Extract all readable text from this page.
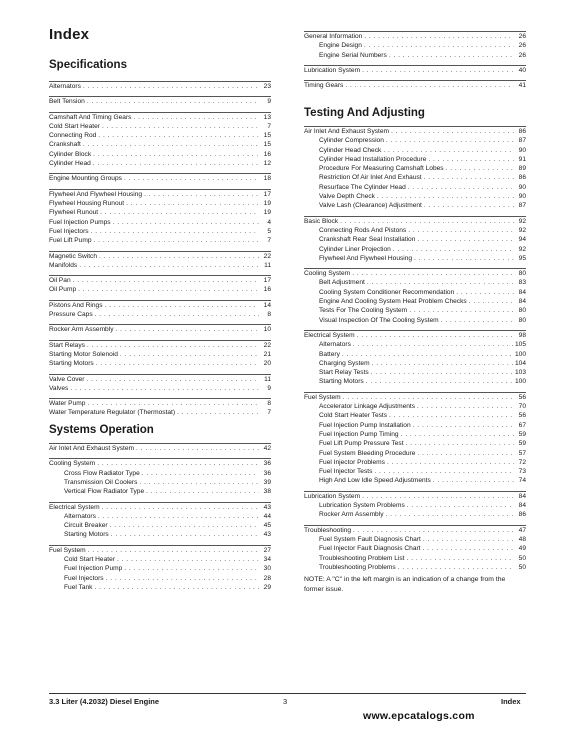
Index
Specifications
Alternators . . .	23
Belt Tension . . .	9
Camshaft And Timing Gears . . .	13
Cold Start Heater . . .	7
Connecting Rod . . .	15
Crankshaft . . .	15
Cylinder Block . . .	16
Cylinder Head . . .	12
Engine Mounting Groups . . .	18
Flywheel And Flywheel Housing . . .	17
Flywheel Housing Runout . . .	19
Flywheel Runout . . .	19
Fuel Injection Pumps . . .	4
Fuel Injectors . . .	5
Fuel Lift Pump . . .	7
Magnetic Switch . . .	22
Manifolds . . .	11
Oil Pan . . .	17
Oil Pump . . .	16
Pistons And Rings . . .	14
Pressure Caps . . .	8
Rocker Arm Assembly . . .	10
Start Relays . . .	22
Starting Motor Solenoid . . .	21
Starting Motors . . .	20
Valve Cover . . .	11
Valves . . .	9
Water Pump . . .	8
Water Temperature Regulator (Thermostat) . . .	7
Systems Operation
Air Inlet And Exhaust System . . .	42
Cooling System . . .	36
Cross Flow Radiator Type . . .	36
Transmission Oil Coolers . . .	39
Vertical Flow Radiator Type . . .	38
Electrical System . . .	43
Alternators . . .	44
Circuit Breaker . . .	45
Starting Motors . . .	43
Fuel System . . .	27
Cold Start Heater . . .	34
Fuel Injection Pump . . .	30
Fuel Injectors . . .	28
Fuel Tank . . .	29
General Information . . .	26
Engine Design . . .	26
Engine Serial Numbers . . .	26
Lubrication System . . .	40
Timing Gears . . .	41
Testing And Adjusting
Air Inlet And Exhaust System . . .	86
Cylinder Compression . . .	87
Cylinder Head Check . . .	90
Cylinder Head Installation Procedure . . .	91
Procedure For Measuring Camshaft Lobes . . .	89
Restriction Of Air Inlet And Exhaust . . .	86
Resurface The Cylinder Head . . .	90
Valve Depth Check . . .	90
Valve Lash (Clearance) Adjustment . . .	87
Basic Block . . .	92
Connecting Rods And Pistons . . .	92
Crankshaft Rear Seal Installation . . .	94
Cylinder Liner Projection . . .	92
Flywheel And Flywheel Housing . . .	95
Cooling System . . .	80
Belt Adjustment . . .	83
Cooling System Conditioner Recommendation . . .	84
Engine And Cooling System Heat Problem Checks . . .	84
Tests For The Cooling System . . .	80
Visual Inspection Of The Cooling System . . .	80
Electrical System . . .	98
Alternators . . .	105
Battery . . .	100
Charging System . . .	104
Start Relay Tests . . .	103
Starting Motors . . .	100
Fuel System . . .	56
Accelerator Linkage Adjustments . . .	70
Cold Start Heater Tests . . .	56
Fuel Injection Pump Installation . . .	67
Fuel Injection Pump Timing . . .	59
Fuel Lift Pump Pressure Test . . .	59
Fuel System Bleeding Procedure . . .	57
Fuel Injector Problems . . .	72
Fuel Injector Tests . . .	73
High And Low Idle Speed Adjustments . . .	74
Lubrication System . . .	84
Lubrication System Problems . . .	84
Rocker Arm Assembly . . .	86
Troubleshooting . . .	47
Fuel System Fault Diagnosis Chart . . .	48
Fuel Injector Fault Diagnosis Chart . . .	49
Troubleshooting Problem List . . .	50
Troubleshooting Problems . . .	50
NOTE: A "C" in the left margin is an indication of a change from the former issue.
3.3 Liter (4.2032) Diesel Engine	3	Index
www.epcatalogs.com
